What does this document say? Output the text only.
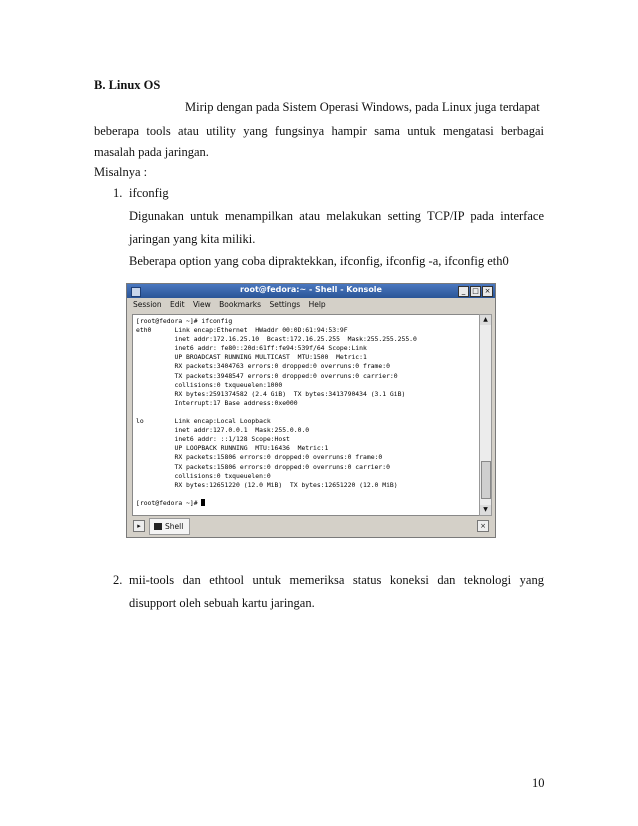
B. Linux OS
Mirip dengan pada Sistem Operasi Windows, pada Linux juga terdapat
beberapa tools atau utility yang fungsinya hampir sama untuk mengatasi berbagai
masalah pada jaringan.
Misalnya :
1. ifconfig
Digunakan untuk menampilkan atau melakukan setting TCP/IP pada interface
jaringan yang kita miliki.
Beberapa option yang coba dipraktekkan, ifconfig, ifconfig -a, ifconfig eth0
root@fedora:~ - Shell - Konsole	_ □ ×
Session Edit View Bookmarks Settings Help
[root@fedora ~]# ifconfig
eth0      Link encap:Ethernet  HWaddr 00:0D:61:94:53:9F
inet addr:172.16.25.10  Bcast:172.16.25.255  Mask:255.255.255.0
inet6 addr: fe80::20d:61ff:fe94:539f/64 Scope:Link
UP BROADCAST RUNNING MULTICAST  MTU:1500  Metric:1
RX packets:3404763 errors:0 dropped:0 overruns:0 frame:0
TX packets:3948547 errors:0 dropped:0 overruns:0 carrier:0
collisions:0 txqueuelen:1000
RX bytes:2591374582 (2.4 GiB)  TX bytes:3413790434 (3.1 GiB)
Interrupt:17 Base address:0xe000

lo        Link encap:Local Loopback
inet addr:127.0.0.1  Mask:255.0.0.0
inet6 addr: ::1/128 Scope:Host
UP LOOPBACK RUNNING  MTU:16436  Metric:1
RX packets:15806 errors:0 dropped:0 overruns:0 frame:0
TX packets:15806 errors:0 dropped:0 overruns:0 carrier:0
collisions:0 txqueuelen:0
RX bytes:12651220 (12.0 MiB)  TX bytes:12651220 (12.0 MiB)

[root@fedora ~]#
▲
▼
▸	Shell	×
2. mii-tools dan ethtool untuk memeriksa status koneksi dan teknologi yang
disupport oleh sebuah kartu jaringan.
10
